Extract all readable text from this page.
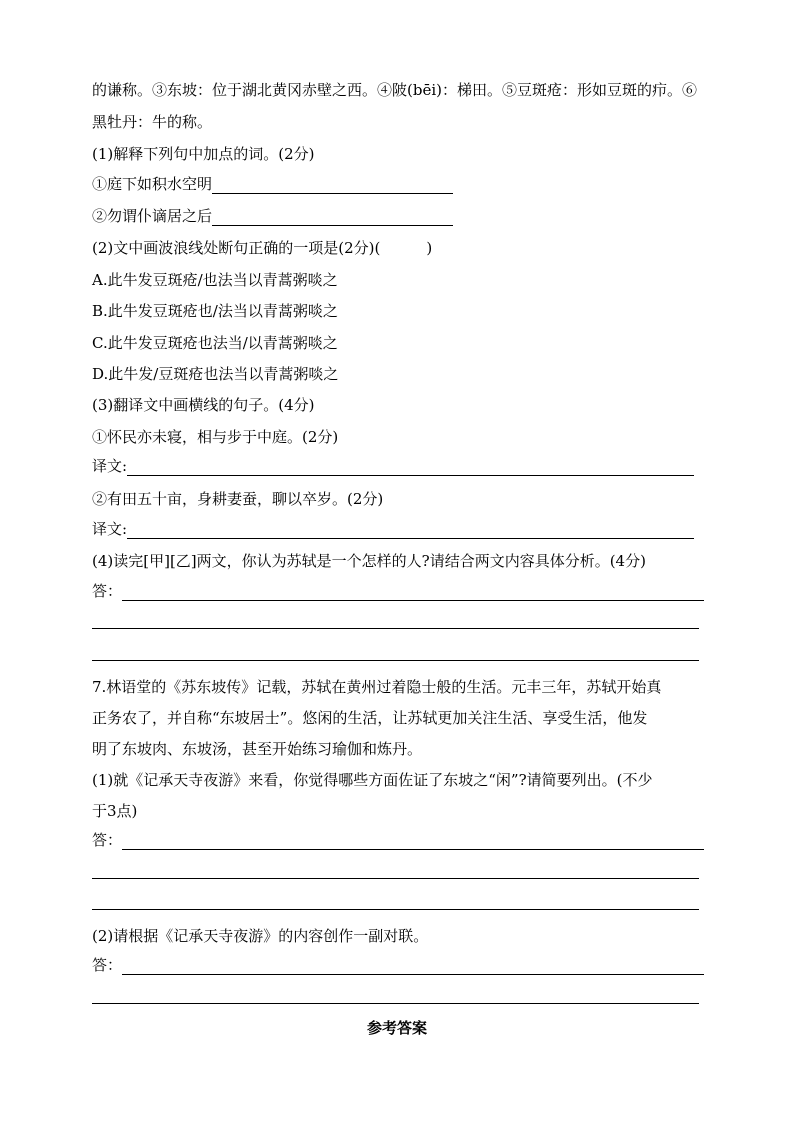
的谦称。③东坡：位于湖北黄冈赤壁之西。④陂(bēi)：梯田。⑤豆斑疮：形如豆斑的疖。⑥
黑牡丹：牛的称。
(1)解释下列句中加点的词。(2分)
①庭下如积水空明
②勿谓仆谪居之后
(2)文中画波浪线处断句正确的一项是(2分)(	)
A.此牛发豆斑疮/也法当以青蒿粥啖之
B.此牛发豆斑疮也/法当以青蒿粥啖之
C.此牛发豆斑疮也法当/以青蒿粥啖之
D.此牛发/豆斑疮也法当以青蒿粥啖之
(3)翻译文中画横线的句子。(4分)
①怀民亦未寝，相与步于中庭。(2分)
译文:
②有田五十亩，身耕妻蚕，聊以卒岁。(2分)
译文:
(4)读完[甲][乙]两文，你认为苏轼是一个怎样的人?请结合两文内容具体分析。(4分)
答：
7.林语堂的《苏东坡传》记载，苏轼在黄州过着隐士般的生活。元丰三年，苏轼开始真
正务农了，并自称“东坡居士”。悠闲的生活，让苏轼更加关注生活、享受生活，他发
明了东坡肉、东坡汤，甚至开始练习瑜伽和炼丹。
(1)就《记承天寺夜游》来看，你觉得哪些方面佐证了东坡之“闲”?请简要列出。(不少
于3点)
答：
(2)请根据《记承天寺夜游》的内容创作一副对联。
答：
参考答案
